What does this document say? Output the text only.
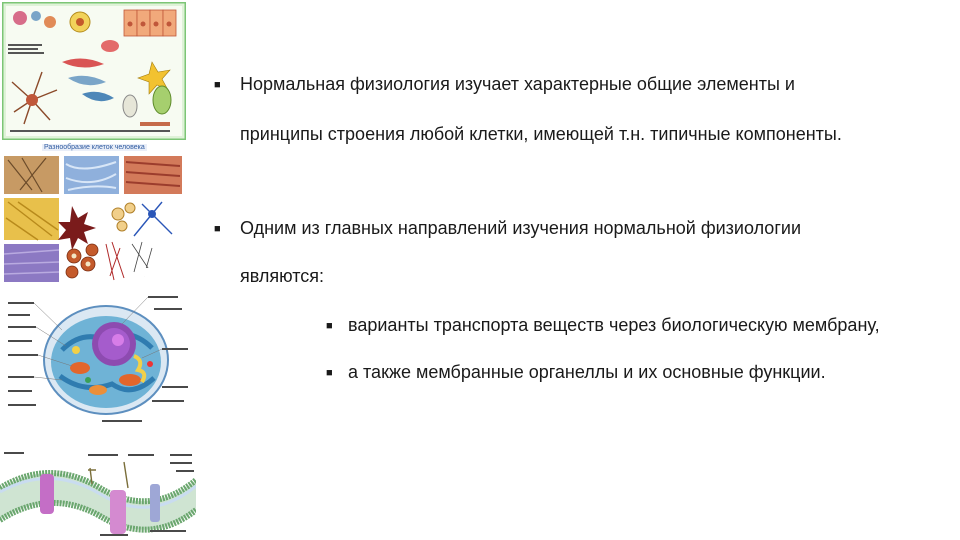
Разнообразие клеток человека
■	Нормальная физиология изучает характерные общие элементы и
принципы строения любой клетки, имеющей т.н. типичные компоненты.
■	Одним из главных направлений изучения нормальной физиологии
являются:
■ варианты транспорта веществ через биологическую мембрану,
■ а также мембранные органеллы и их основные функции.
